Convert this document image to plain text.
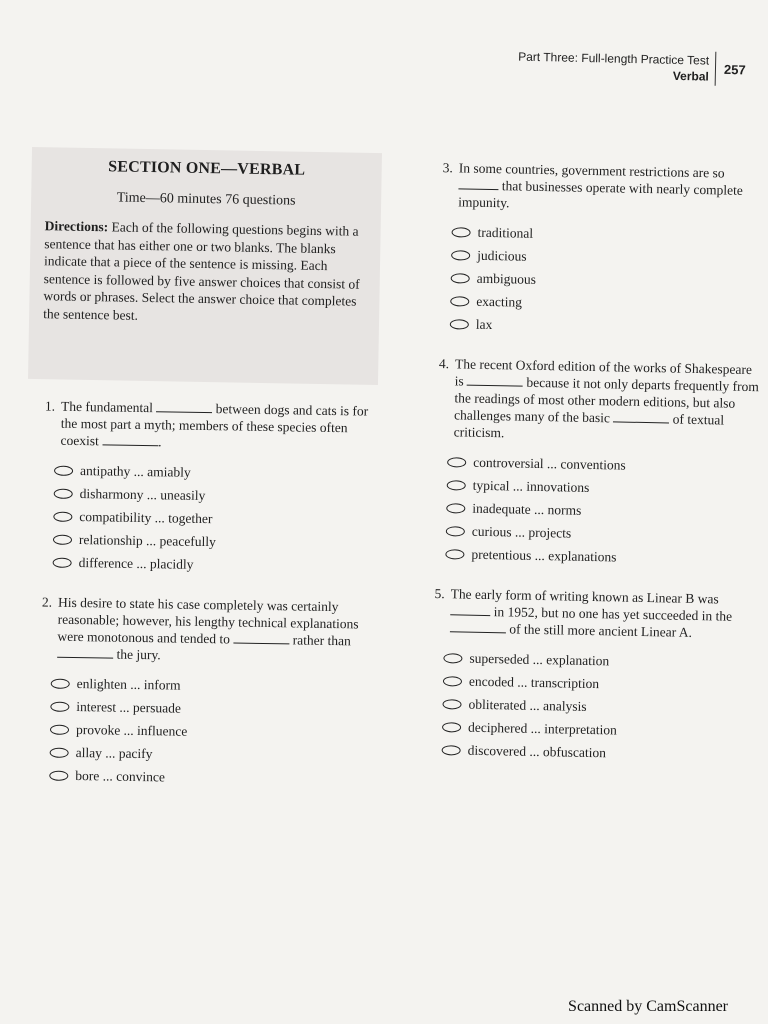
Part Three: Full-length Practice Test
Verbal 257

SECTION ONE—VERBAL

Time—60 minutes 76 questions

Directions: Each of the following questions begins with a sentence that has either one or two blanks. The blanks indicate that a piece of the sentence is missing. Each sentence is followed by five answer choices that consist of words or phrases. Select the answer choice that completes the sentence best.

1. The fundamental	between dogs and cats is for the most part a myth; members of these species often coexist	.
antipathy ... amiably
disharmony ... uneasily
compatibility ... together
relationship ... peacefully
difference ... placidly
2. His desire to state his case completely was certainly reasonable; however, his lengthy technical explanations were monotonous and tended to	rather than  the jury.
enlighten ... inform
interest ... persuade
provoke ... influence
allay ... pacify
bore ... convince
3. In some countries, government restrictions are so  that businesses operate with nearly complete impunity.
traditional
judicious
ambiguous
exacting
lax
4. The recent Oxford edition of the works of Shakespeare is	because it not only departs frequently from the readings of most other modern editions, but also challenges many of the basic	of textual criticism.
controversial ... conventions
typical ... innovations
inadequate ... norms
curious ... projects
pretentious ... explanations
5. The early form of writing known as Linear B was  in 1952, but no one has yet succeeded in the  of the still more ancient Linear A.
superseded ... explanation
encoded ... transcription
obliterated ... analysis
deciphered ... interpretation
discovered ... obfuscation
Scanned by CamScanner
